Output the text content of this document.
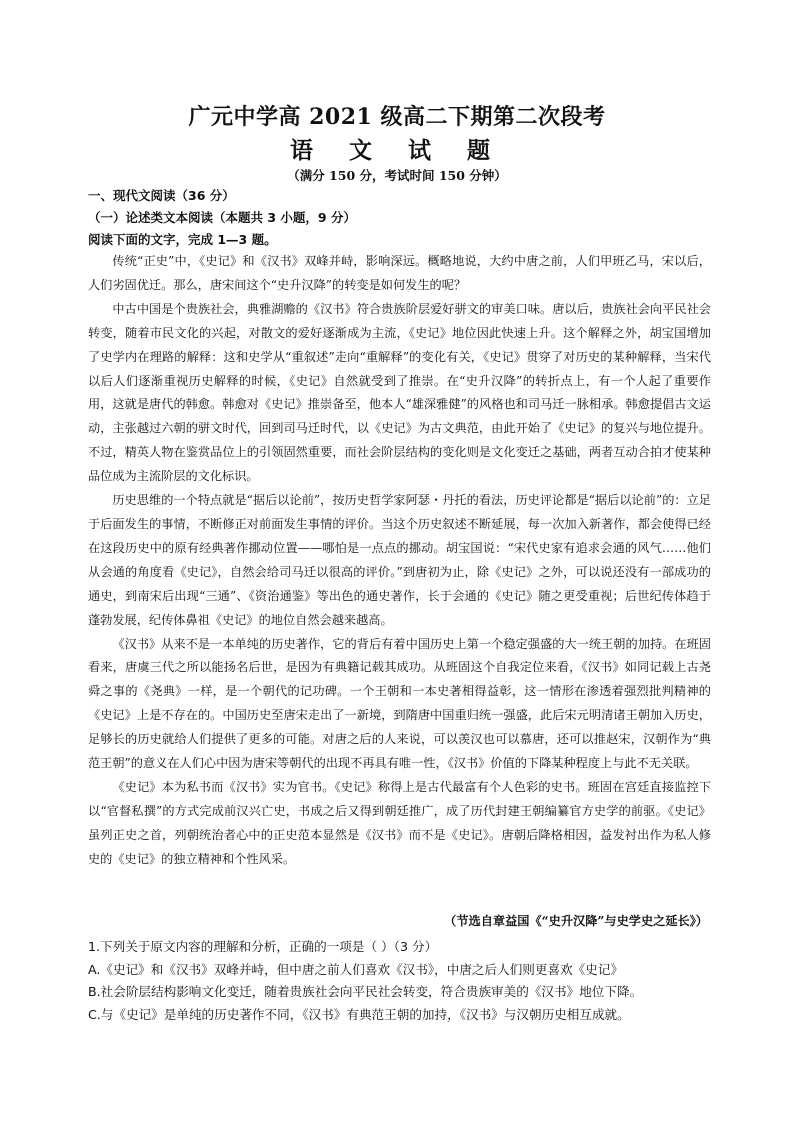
广元中学高 2021 级高二下期第二次段考
语 文 试 题
（满分 150 分，考试时间 150 分钟）
一、现代文阅读（36 分）
（一）论述类文本阅读（本题共 3 小题，9 分）
阅读下面的文字，完成 1—3 题。

传统“正史”中，《史记》和《汉书》双峰并峙，影响深远。概略地说，大约中唐之前，人们甲班乙马，宋以后，人们劣固优迁。那么，唐宋间这个“史升汉降”的转变是如何发生的呢？

中古中国是个贵族社会，典雅湖赡的《汉书》符合贵族阶层爱好骈文的审美口味。唐以后，贵族社会向平民社会转变，随着市民文化的兴起，对散文的爱好逐渐成为主流，《史记》地位因此快速上升。这个解释之外，胡宝国增加了史学内在理路的解释：这和史学从“重叙述”走向“重解释”的变化有关，《史记》贯穿了对历史的某种解释，当宋代以后人们逐渐重视历史解释的时候，《史记》自然就受到了推崇。在“史升汉降”的转折点上，有一个人起了重要作用，这就是唐代的韩愈。韩愈对《史记》推崇备至，他本人“雄深雅健”的风格也和司马迁一脉相承。韩愈提倡古文运动，主张越过六朝的骈文时代，回到司马迁时代，以《史记》为古文典范，由此开始了《史记》的复兴与地位提升。不过，精英人物在鉴赏品位上的引领固然重要，而社会阶层结构的变化则是文化变迁之基础，两者互动合拍才使某种品位成为主流阶层的文化标识。

历史思维的一个特点就是“据后以论前”，按历史哲学家阿瑟・丹托的看法，历史评论都是“据后以论前”的：立足于后面发生的事情，不断修正对前面发生事情的评价。当这个历史叙述不断延展，每一次加入新著作，都会使得已经在这段历史中的原有经典著作挪动位置——哪怕是一点点的挪动。胡宝国说：“宋代史家有追求会通的风气……他们从会通的角度看《史记》，自然会给司马迁以很高的评价。”到唐初为止，除《史记》之外，可以说还没有一部成功的通史，到南宋后出现“三通”、《资治通鉴》等出色的通史著作，长于会通的《史记》随之更受重视；后世纪传体趋于蓬勃发展，纪传体鼻祖《史记》的地位自然会越来越高。

《汉书》从来不是一本单纯的历史著作，它的背后有着中国历史上第一个稳定强盛的大一统王朝的加持。在班固看来，唐虞三代之所以能扬名后世，是因为有典籍记载其成功。从班固这个自我定位来看，《汉书》如同记载上古尧舜之事的《尧典》一样，是一个朝代的记功碑。一个王朝和一本史著相得益彰，这一情形在渗透着强烈批判精神的《史记》上是不存在的。中国历史至唐宋走出了一新境，到隋唐中国重归统一强盛，此后宋元明清诸王朝加入历史，足够长的历史就给人们提供了更多的可能。对唐之后的人来说，可以羡汉也可以慕唐，还可以推赵宋，汉朝作为“典范王朝”的意义在人们心中因为唐宋等朝代的出现不再具有唯一性，《汉书》价值的下降某种程度上与此不无关联。

《史记》本为私书而《汉书》实为官书。《史记》称得上是古代最富有个人色彩的史书。班固在宫廷直接监控下以“官督私撰”的方式完成前汉兴亡史，书成之后又得到朝廷推广，成了历代封建王朝编纂官方史学的前驱。《史记》虽列正史之首，列朝统治者心中的正史范本显然是《汉书》而不是《史记》。唐朝后降格相因，益发衬出作为私人修史的《史记》的独立精神和个性风采。

（节选自章益国《“史升汉降”与史学史之延长》）
1.下列关于原文内容的理解和分析，正确的一项是（ ）（3 分）
A.《史记》和《汉书》双峰并峙，但中唐之前人们喜欢《汉书》，中唐之后人们则更喜欢《史记》
B.社会阶层结构影响文化变迁，随着贵族社会向平民社会转变，符合贵族审美的《汉书》地位下降。
C.与《史记》是单纯的历史著作不同，《汉书》有典范王朝的加持，《汉书》与汉朝历史相互成就。
